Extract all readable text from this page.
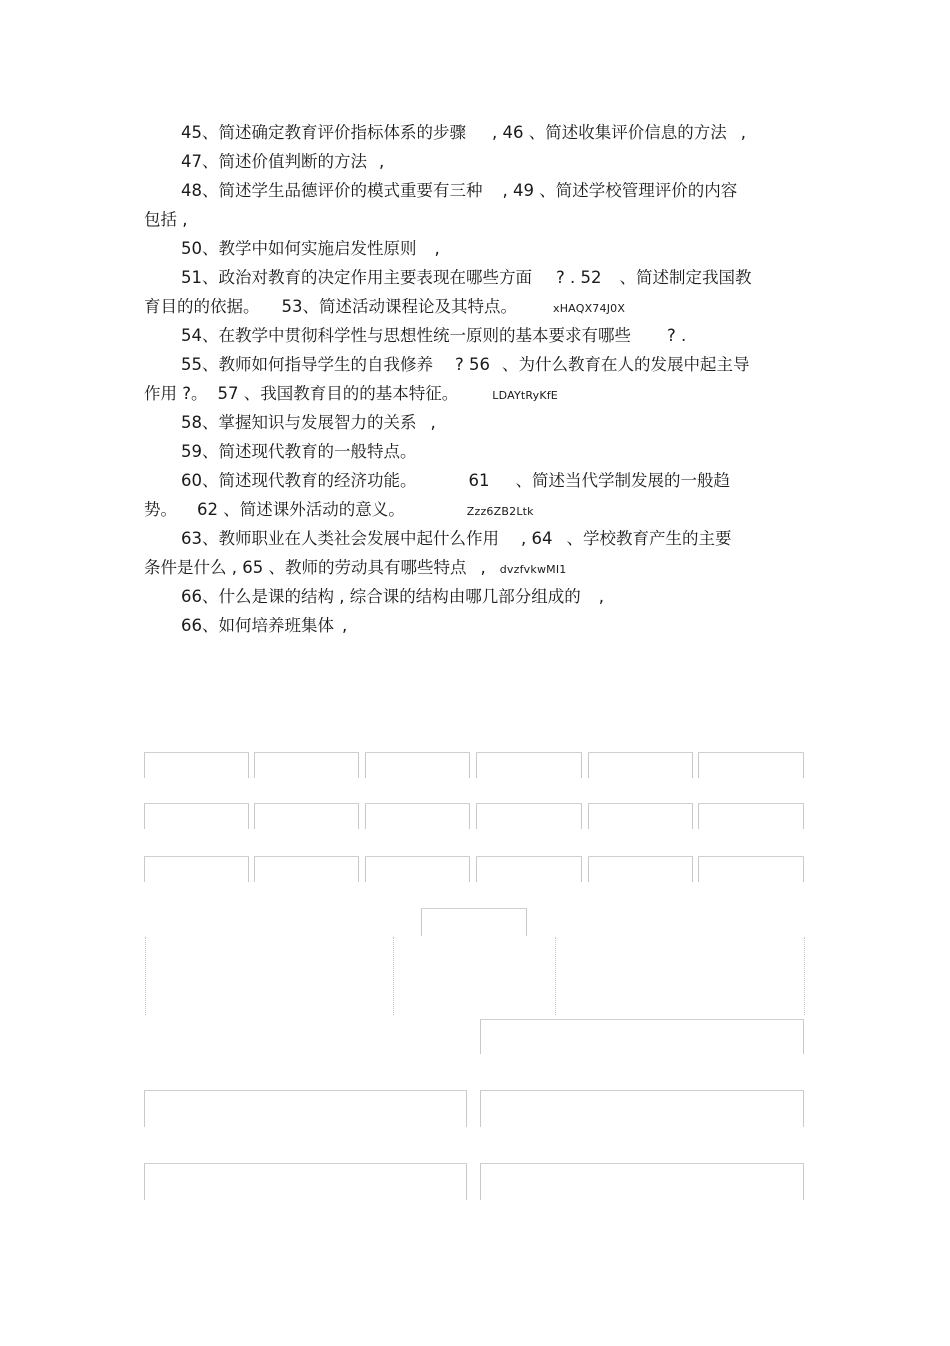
45、简述确定教育评价指标体系的步骤 , 46 、简述收集评价信息的方法 ,
47、简述价值判断的方法 ,
48、简述学生品德评价的模式重要有三种 , 49 、简述学校管理评价的内容
包括 ,
50、教学中如何实施启发性原则 ,
51、政治对教育的决定作用主要表现在哪些方面 ? . 52 、简述制定我国教
育目的的依据。 53、简述活动课程论及其特点。	xHAQX74J0X
54、在教学中贯彻科学性与思想性统一原则的基本要求有哪些 ? .
55、教师如何指导学生的自我修养 ? 56 、为什么教育在人的发展中起主导
作用 ?。 57 、我国教育目的的基本特征。	LDAYtRyKfE
58、掌握知识与发展智力的关系 ,
59、简述现代教育的一般特点。
60、简述现代教育的经济功能。	61 、简述当代学制发展的一般趋
势。 62 、简述课外活动的意义。	Zzz6ZB2Ltk
63、教师职业在人类社会发展中起什么作用 , 64 、学校教育产生的主要
条件是什么 , 65 、教师的劳动具有哪些特点 , dvzfvkwMI1
66、什么是课的结构 , 综合课的结构由哪几部分组成的 ,
66、如何培养班集体 ,
